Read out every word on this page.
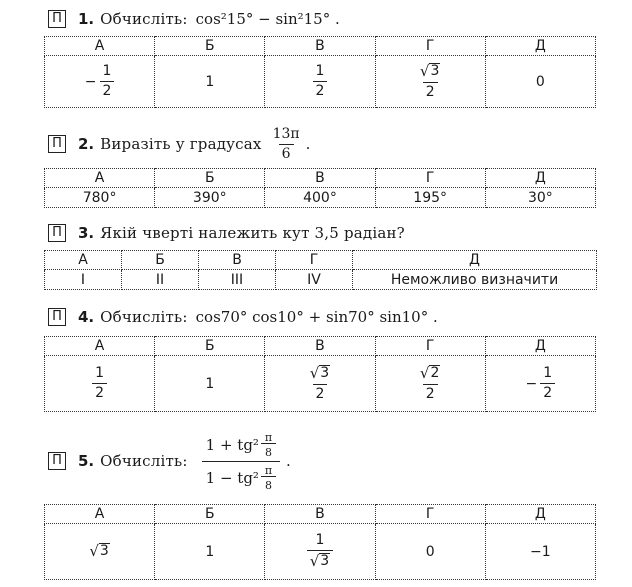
П 1. Обчисліть: cos²15° − sin²15° .
А	Б	В	Г	Д
− $\frac{1}{2}$	1	$\frac{1}{2}$	$\frac{√ 3}{2}$	0
П 2. Виразіть у градусах $\frac{13\pi}{6}$ .
А	Б	В	Г	Д
780°	390°	400°	195°	30°
П 3. Якій чверті належить кут 3,5 радіан?
А	Б	В	Г	Д
I	II	III	IV	Неможливо визначити
П 4. Обчисліть: cos70° cos10° + sin70° sin10° .
А	Б	В	Г	Д

$\frac{1}{2}$	1	$\frac{√ 3}{2}$	$\frac{√ 2}{2}$	− $\frac{1}{2}$
П 5. Обчисліть: 1 + tg² π
8
1 − tg² π
8 .
А	Б	В	Г	Д

√ 3	1	$\frac{1}{√ 3}$	0	−1
